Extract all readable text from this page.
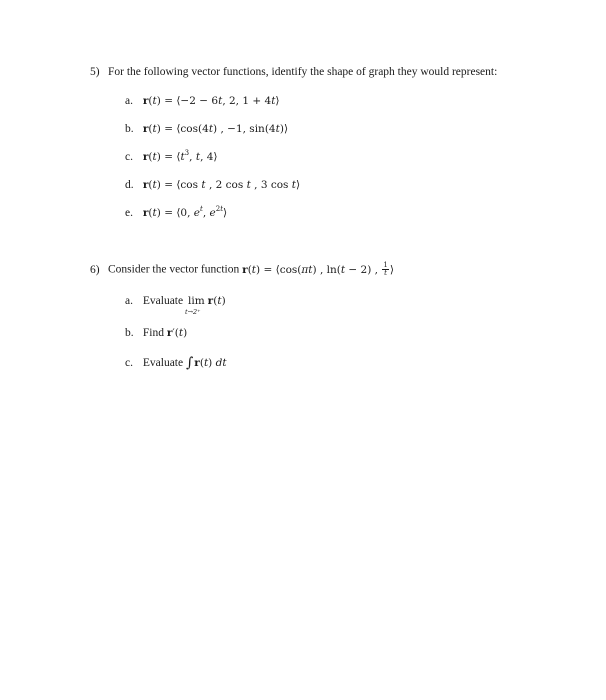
5) For the following vector functions, identify the shape of graph they would represent:
a. r(t) = ⟨−2 − 6t, 2, 1 + 4t⟩
b. r(t) = ⟨cos(4t) , −1, sin(4t)⟩
c. $r(t) = ⟨t^3$, t, 4⟩
d. r(t) = ⟨cos t , 2 cos t , 3 cos t⟩
e. r(t) = ⟨0, $e^t$, $e^{2t}⟩$
6) Consider the vector function r(t) = ⟨cos(πt) , ln(t − 2) , $\frac{1}{t}$ ⟩
a. Evaluate lim
t→2⁺
r(t)
b. Find r′(t)
c. Evaluate ∫r(t) dt
